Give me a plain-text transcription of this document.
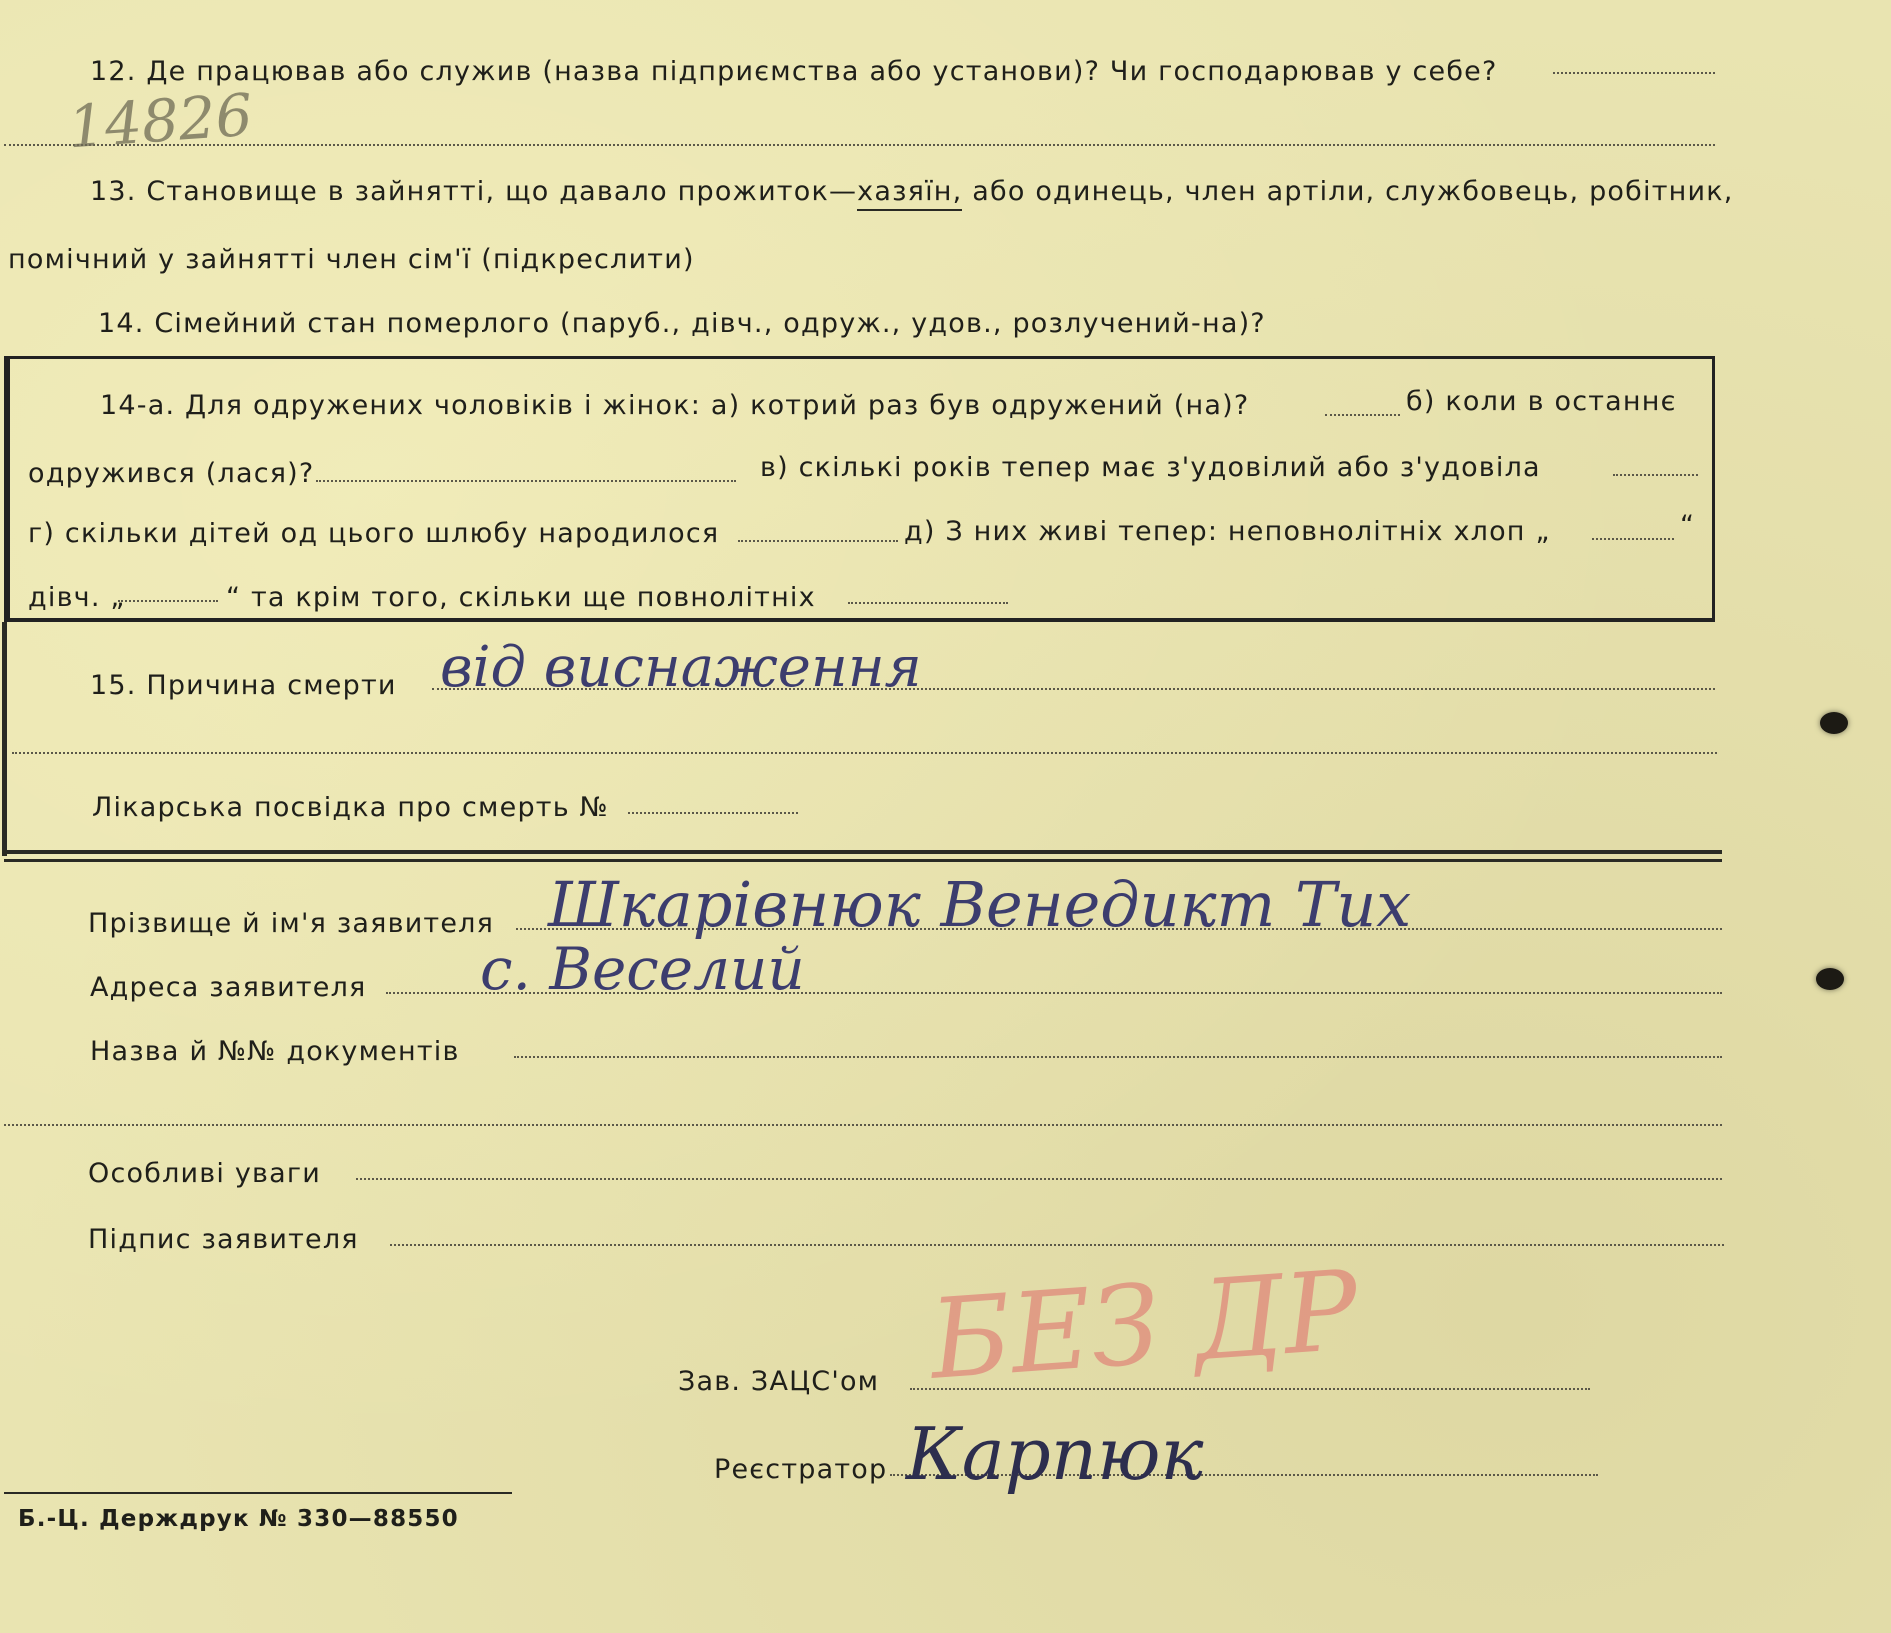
12. Де працював або служив (назва підприємства або установи)? Чи господарював у себе?
14826
13. Становище в зайнятті, що давало прожиток—хазяїн, або одинець, член артіли, службовець, робітник,
помічний у зайнятті член сім'ї (підкреслити)
14. Сімейний стан померлого (паруб., дівч., одруж., удов., розлучений-на)?
14-а. Для одружених чоловіків і жінок: а) котрий раз був одружений (на)?	б) коли в останнє
одружився (лася)?	в) скількі років тепер має з'удовілий або з'удовіла
г) скільки дітей од цього шлюбу народилося	д) З них живі тепер: неповнолітніх хлоп „	“
дівч. „	“ та крім того, скільки ще повнолітніх
15. Причина смерти від виснаження
Лікарська посвідка про смерть №
Прізвище й ім'я заявителя Шкарівнюк Венедикт Тих
Адреса заявителя с. Веселий
Назва й №№ документів
Особливі уваги
Підпис заявителя
БЕЗ ДР
Зав. ЗАЦС'ом
Реєстратор Карпюк
Б.-Ц. Держдрук № 330—88550
